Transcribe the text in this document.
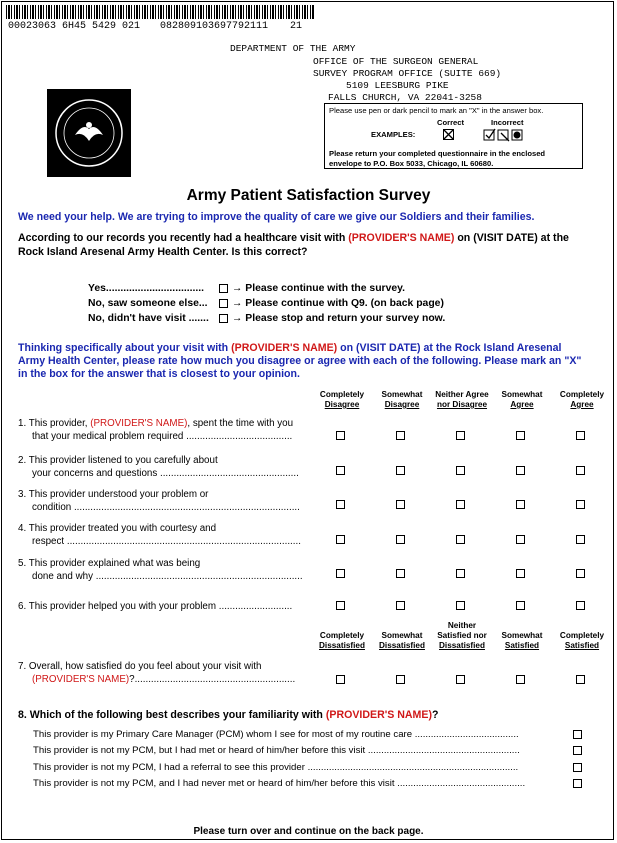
00023063 6H45 5429 021 082809103697792111 21
DEPARTMENT OF THE ARMY
OFFICE OF THE SURGEON GENERAL
SURVEY PROGRAM OFFICE (SUITE 669)
5109 LEESBURG PIKE
FALLS CHURCH, VA 22041-3258
Please use pen or dark pencil to mark an "X" in the answer box.
Correct	Incorrect
EXAMPLES:
Please return your completed questionnaire in the enclosed
envelope to P.O. Box 5033, Chicago, IL 60680.
Army Patient Satisfaction Survey
We need your help. We are trying to improve the quality of care we give our Soldiers and their families.
According to our records you recently had a healthcare visit with (PROVIDER'S NAME) on (VISIT DATE) at the
Rock Island Aresenal Army Health Center. Is this correct?
Yes..................................	→ Please continue with the survey.
No, saw someone else... → Please continue with Q9. (on back page)
No, didn't have visit ....... → Please stop and return your survey now.
Thinking specifically about your visit with (PROVIDER'S NAME) on (VISIT DATE) at the Rock Island Aresenal
Army Health Center, please rate how much you disagree or agree with each of the following. Please mark an "X"
in the box for the answer that is closest to your opinion.
Completely
Disagree
Somewhat
Disagree
Neither Agree
nor Disagree
Somewhat
Agree
Completely
Agree
1. This provider, (PROVIDER'S NAME), spent the time with you
that your medical problem required .......................................
2. This provider listened to you carefully about
your concerns and questions ...................................................
3. This provider understood your problem or
condition ...................................................................................
4. This provider treated you with courtesy and
respect ......................................................................................
5. This provider explained what was being
done and why ............................................................................
6. This provider helped you with your problem ...........................
Completely
Dissatisfied
Somewhat
Dissatisfied
Neither
Satisfied nor
Dissatisfied
Somewhat
Satisfied
Completely
Satisfied
7. Overall, how satisfied do you feel about your visit with
(PROVIDER'S NAME)?...........................................................
8. Which of the following best describes your familiarity with (PROVIDER'S NAME)?
This provider is my Primary Care Manager (PCM) whom I see for most of my routine care .......................................
This provider is not my PCM, but I had met or heard of him/her before this visit .........................................................
This provider is not my PCM, I had a referral to see this provider ...............................................................................
This provider is not my PCM, and I had never met or heard of him/her before this visit ................................................
Please turn over and continue on the back page.
